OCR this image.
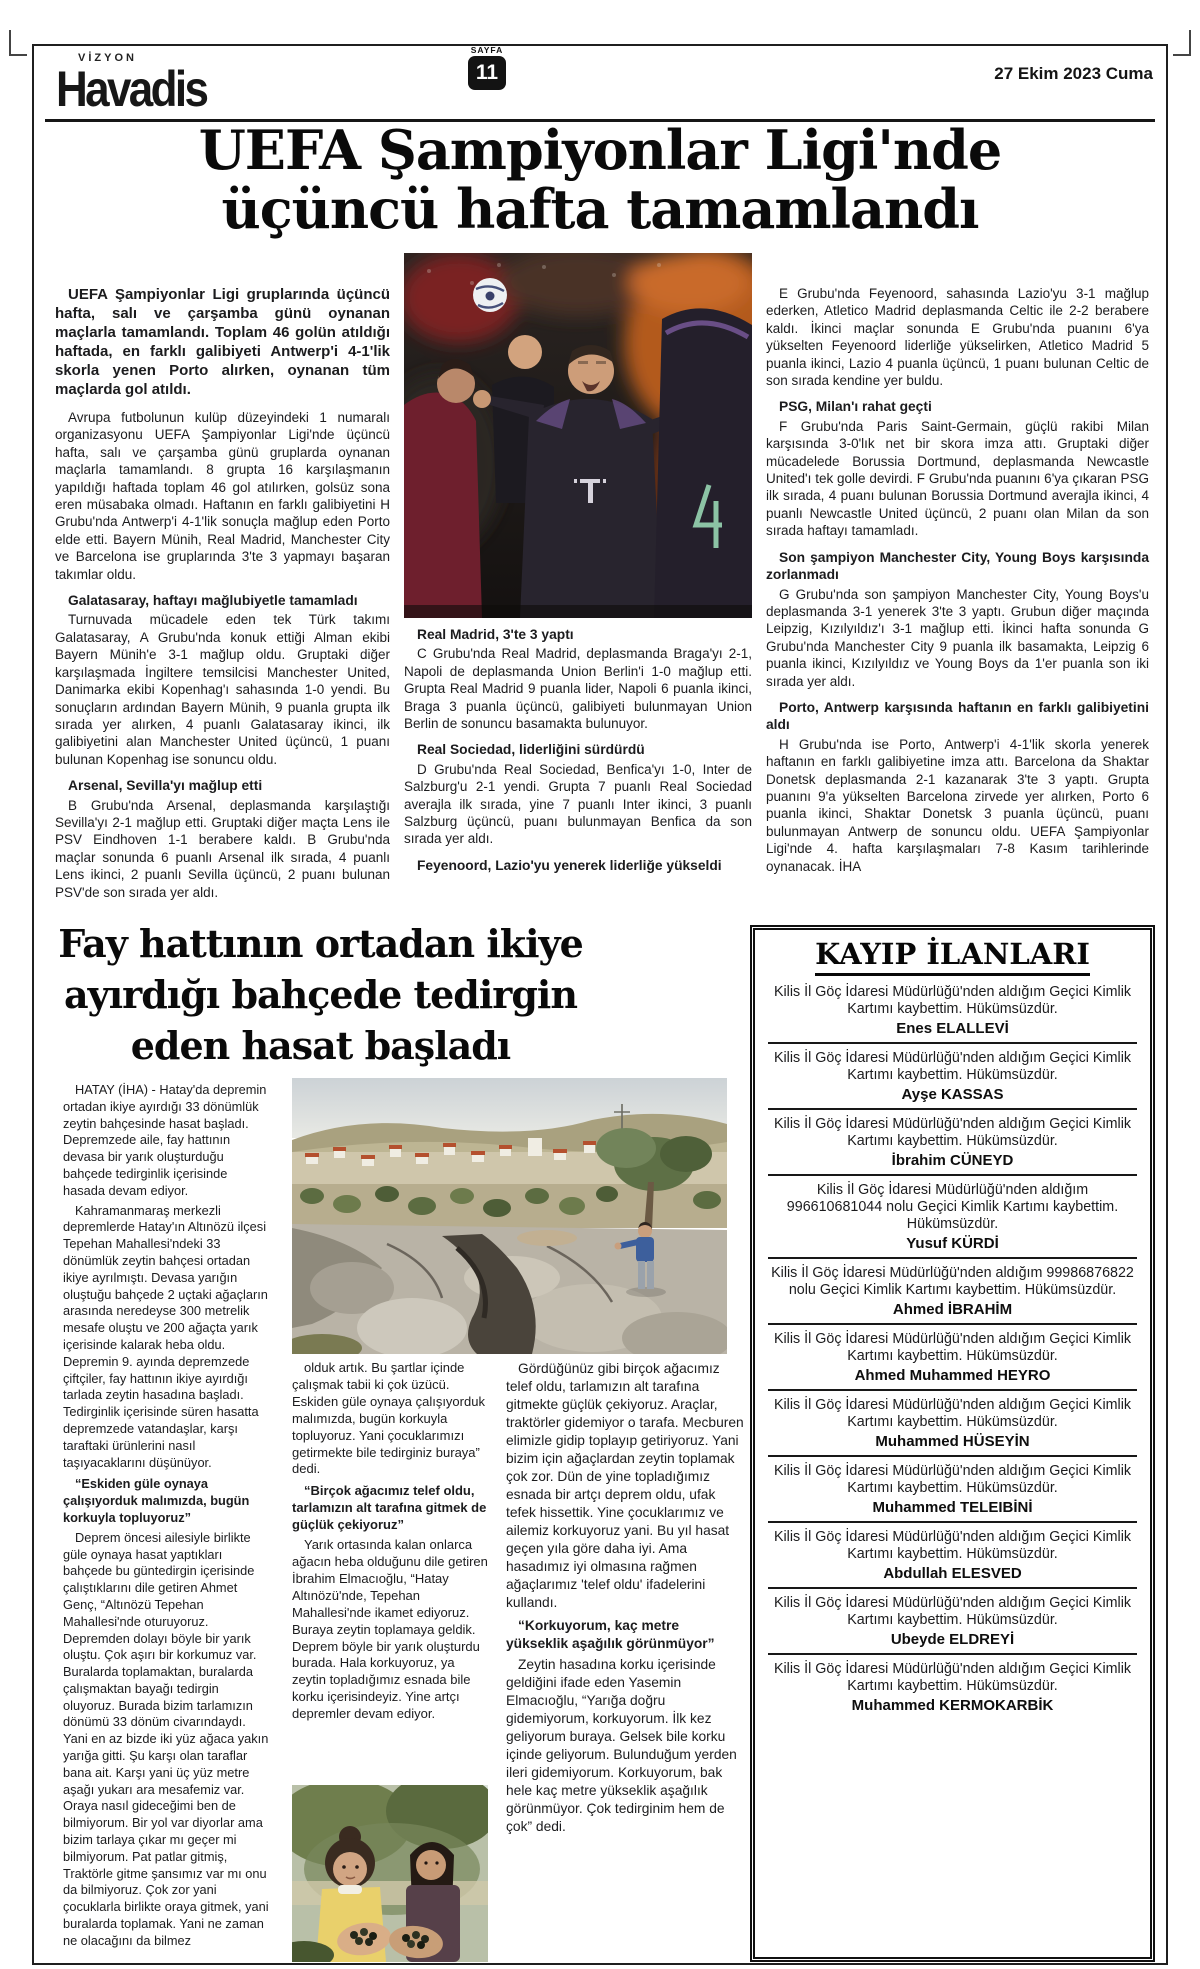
VİZYON
Havadis
SAYFA
11	27 Ekim 2023 Cuma
UEFA Şampiyonlar Ligi'nde
üçüncü hafta tamamlandı
UEFA Şampiyonlar Ligi gruplarında üçüncü hafta, salı ve çarşamba günü oynanan maçlarla tamamlandı. Toplam 46 golün atıldığı haftada, en farklı galibiyeti Antwerp'i 4-1'lik skorla yenen Porto alırken, oynanan tüm maçlarda gol atıldı.

Avrupa futbolunun kulüp düzeyindeki 1 numaralı organizasyonu UEFA Şampiyonlar Ligi'nde üçüncü hafta, salı ve çarşamba günü gruplarda oynanan maçlarla tamamlandı. 8 grupta 16 karşılaşmanın yapıldığı haftada toplam 46 gol atılırken, golsüz sona eren müsabaka olmadı. Haftanın en farklı galibiyetini H Grubu'nda Antwerp'i 4-1'lik sonuçla mağlup eden Porto elde etti. Bayern Münih, Real Madrid, Manchester City ve Barcelona ise gruplarında 3'te 3 yapmayı başaran takımlar oldu.

Galatasaray, haftayı mağlubiyetle tamamladı

Turnuvada mücadele eden tek Türk takımı Galatasaray, A Grubu'nda konuk ettiği Alman ekibi Bayern Münih'e 3-1 mağlup oldu. Gruptaki diğer karşılaşmada İngiltere temsilcisi Manchester United, Danimarka ekibi Kopenhag'ı sahasında 1-0 yendi. Bu sonuçların ardından Bayern Münih, 9 puanla grupta ilk sırada yer alırken, 4 puanlı Galatasaray ikinci, ilk galibiyetini alan Manchester United üçüncü, 1 puanı bulunan Kopenhag ise sonuncu oldu.

Arsenal, Sevilla'yı mağlup etti

B Grubu'nda Arsenal, deplasmanda karşılaştığı Sevilla'yı 2-1 mağlup etti. Gruptaki diğer maçta Lens ile PSV Eindhoven 1-1 berabere kaldı. B Grubu'nda maçlar sonunda 6 puanlı Arsenal ilk sırada, 4 puanlı Lens ikinci, 2 puanlı Sevilla üçüncü, 2 puanı bulunan PSV'de son sırada yer aldı.

Real Madrid, 3'te 3 yaptı

C Grubu'nda Real Madrid, deplasmanda Braga'yı 2-1, Napoli de deplasmanda Union Berlin'i 1-0 mağlup etti. Grupta Real Madrid 9 puanla lider, Napoli 6 puanla ikinci, Braga 3 puanla üçüncü, galibiyeti bulunmayan Union Berlin de sonuncu basamakta bulunuyor.

Real Sociedad, liderliğini sürdürdü

D Grubu'nda Real Sociedad, Benfica'yı 1-0, Inter de Salzburg'u 2-1 yendi. Grupta 7 puanlı Real Sociedad averajla ilk sırada, yine 7 puanlı Inter ikinci, 3 puanlı Salzburg üçüncü, puanı bulunmayan Benfica da son sırada yer aldı.

Feyenoord, Lazio'yu yenerek liderliğe yükseldi

E Grubu'nda Feyenoord, sahasında Lazio'yu 3-1 mağlup ederken, Atletico Madrid deplasmanda Celtic ile 2-2 berabere kaldı. İkinci maçlar sonunda E Grubu'nda puanını 6'ya yükselten Feyenoord liderliğe yükselirken, Atletico Madrid 5 puanla ikinci, Lazio 4 puanla üçüncü, 1 puanı bulunan Celtic de son sırada kendine yer buldu.

PSG, Milan'ı rahat geçti

F Grubu'nda Paris Saint-Germain, güçlü rakibi Milan karşısında 3-0'lık net bir skora imza attı. Gruptaki diğer mücadelede Borussia Dortmund, deplasmanda Newcastle United'ı tek golle devirdi. F Grubu'nda puanını 6'ya çıkaran PSG ilk sırada, 4 puanı bulunan Borussia Dortmund averajla ikinci, 4 puanlı Newcastle United üçüncü, 2 puanı olan Milan da son sırada haftayı tamamladı.

Son şampiyon Manchester City, Young Boys karşısında zorlanmadı

G Grubu'nda son şampiyon Manchester City, Young Boys'u deplasmanda 3-1 yenerek 3'te 3 yaptı. Grubun diğer maçında Leipzig, Kızılyıldız'ı 3-1 mağlup etti. İkinci hafta sonunda G Grubu'nda Manchester City 9 puanla ilk basamakta, Leipzig 6 puanla ikinci, Kızılyıldız ve Young Boys da 1'er puanla son iki sırada yer aldı.

Porto, Antwerp karşısında haftanın en farklı galibiyetini aldı

H Grubu'nda ise Porto, Antwerp'i 4-1'lik skorla yenerek haftanın en farklı galibiyetine imza attı. Barcelona da Shaktar Donetsk deplasmanda 2-1 kazanarak 3'te 3 yaptı. Grupta puanını 9'a yükselten Barcelona zirvede yer alırken, Porto 6 puanla ikinci, Shaktar Donetsk 3 puanla üçüncü, puanı bulunmayan Antwerp de sonuncu oldu. UEFA Şampiyonlar Ligi'nde 4. hafta karşılaşmaları 7-8 Kasım tarihlerinde oynanacak. İHA

Fay hattının ortadan ikiye
ayırdığı bahçede tedirgin
eden hasat başladı

HATAY (İHA) - Hatay'da depremin ortadan ikiye ayırdığı 33 dönümlük zeytin bahçesinde hasat başladı. Depremzede aile, fay hattının devasa bir yarık oluşturduğu bahçede tedirginlik içerisinde hasada devam ediyor.

Kahramanmaraş merkezli depremlerde Hatay'ın Altınözü ilçesi Tepehan Mahallesi'ndeki 33 dönümlük zeytin bahçesi ortadan ikiye ayrılmıştı. Devasa yarığın oluştuğu bahçede 2 uçtaki ağaçların arasında neredeyse 300 metrelik mesafe oluştu ve 200 ağaçta yarık içerisinde kalarak heba oldu. Depremin 9. ayında depremzede çiftçiler, fay hattının ikiye ayırdığı tarlada zeytin hasadına başladı. Tedirginlik içerisinde süren hasatta depremzede vatandaşlar, karşı taraftaki ürünlerini nasıl taşıyacaklarını düşünüyor.

“Eskiden güle oynaya çalışıyorduk malımızda, bugün korkuyla topluyoruz”

Deprem öncesi ailesiyle birlikte güle oynaya hasat yaptıkları bahçede bu güntedirgin içerisinde çalıştıklarını dile getiren Ahmet Genç, “Altınözü Tepehan Mahallesi'nde oturuyoruz. Depremden dolayı böyle bir yarık oluştu. Çok aşırı bir korkumuz var. Buralarda toplamaktan, buralarda çalışmaktan bayağı tedirgin oluyoruz. Burada bizim tarlamızın dönümü 33 dönüm civarındaydı. Yani en az bizde iki yüz ağaca yakın yarığa gitti. Şu karşı olan taraflar bana ait. Karşı yani üç yüz metre aşağı yukarı ara mesafemiz var. Oraya nasıl gideceğimi ben de bilmiyorum. Bir yol var diyorlar ama bizim tarlaya çıkar mı geçer mi bilmiyorum. Pat patlar gitmiş, Traktörle gitme şansımız var mı onu da bilmiyoruz. Çok zor yani çocuklarla birlikte oraya gitmek, yani buralarda toplamak. Yani ne zaman ne olacağını da bilmez

olduk artık. Bu şartlar içinde çalışmak tabii ki çok üzücü. Eskiden güle oynaya çalışıyorduk malımızda, bugün korkuyla topluyoruz. Yani çocuklarımızı getirmekte bile tedirginiz buraya” dedi.

“Birçok ağacımız telef oldu, tarlamızın alt tarafına gitmek de güçlük çekiyoruz”

Yarık ortasında kalan onlarca ağacın heba olduğunu dile getiren İbrahim Elmacıoğlu, “Hatay Altınözü'nde, Tepehan Mahallesi'nde ikamet ediyoruz. Buraya zeytin toplamaya geldik. Deprem böyle bir yarık oluşturdu burada. Hala korkuyoruz, ya zeytin topladığımız esnada bile korku içerisindeyiz. Yine artçı depremler devam ediyor.

Gördüğünüz gibi birçok ağacımız telef oldu, tarlamızın alt tarafına gitmekte güçlük çekiyoruz. Araçlar, traktörler gidemiyor o tarafa. Mecburen elimizle gidip toplayıp getiriyoruz. Yani bizim için ağaçlardan zeytin toplamak çok zor. Dün de yine topladığımız esnada bir artçı deprem oldu, ufak tefek hissettik. Yine çocuklarımız ve ailemiz korkuyoruz yani. Bu yıl hasat geçen yıla göre daha iyi. Ama hasadımız iyi olmasına rağmen ağaçlarımız 'telef oldu' ifadelerini kullandı.

“Korkuyorum, kaç metre yükseklik aşağılık görünmüyor”

Zeytin hasadına korku içerisinde geldiğini ifade eden Yasemin Elmacıoğlu, “Yarığa doğru gidemiyorum, korkuyorum. İlk kez geliyorum buraya. Gelsek bile korku içinde geliyorum. Bulunduğum yerden ileri gidemiyorum. Korkuyorum, bak hele kaç metre yükseklik aşağılık görünmüyor. Çok tedirginim hem de çok” dedi.

KAYIP İLANLARI
Kilis İl Göç İdaresi Müdürlüğü'nden aldığım Geçici Kimlik Kartımı kaybettim. Hükümsüzdür.
Enes ELALLEVİ
Kilis İl Göç İdaresi Müdürlüğü'nden aldığım Geçici Kimlik Kartımı kaybettim. Hükümsüzdür.
Ayşe KASSAS
Kilis İl Göç İdaresi Müdürlüğü'nden aldığım Geçici Kimlik Kartımı kaybettim. Hükümsüzdür.
İbrahim CÜNEYD
Kilis İl Göç İdaresi Müdürlüğü'nden aldığım 996610681044 nolu Geçici Kimlik Kartımı kaybettim. Hükümsüzdür.
Yusuf KÜRDİ
Kilis İl Göç İdaresi Müdürlüğü'nden aldığım 99986876822 nolu Geçici Kimlik Kartımı kaybettim. Hükümsüzdür.
Ahmed İBRAHİM
Kilis İl Göç İdaresi Müdürlüğü'nden aldığım Geçici Kimlik Kartımı kaybettim. Hükümsüzdür.
Ahmed Muhammed HEYRO
Kilis İl Göç İdaresi Müdürlüğü'nden aldığım Geçici Kimlik Kartımı kaybettim. Hükümsüzdür.
Muhammed HÜSEYİN
Kilis İl Göç İdaresi Müdürlüğü'nden aldığım Geçici Kimlik Kartımı kaybettim. Hükümsüzdür.
Muhammed TELEIBİNİ
Kilis İl Göç İdaresi Müdürlüğü'nden aldığım Geçici Kimlik Kartımı kaybettim. Hükümsüzdür.
Abdullah ELESVED
Kilis İl Göç İdaresi Müdürlüğü'nden aldığım Geçici Kimlik Kartımı kaybettim. Hükümsüzdür.
Ubeyde ELDREYİ
Kilis İl Göç İdaresi Müdürlüğü'nden aldığım Geçici Kimlik Kartımı kaybettim. Hükümsüzdür.
Muhammed KERMOKARBİK
